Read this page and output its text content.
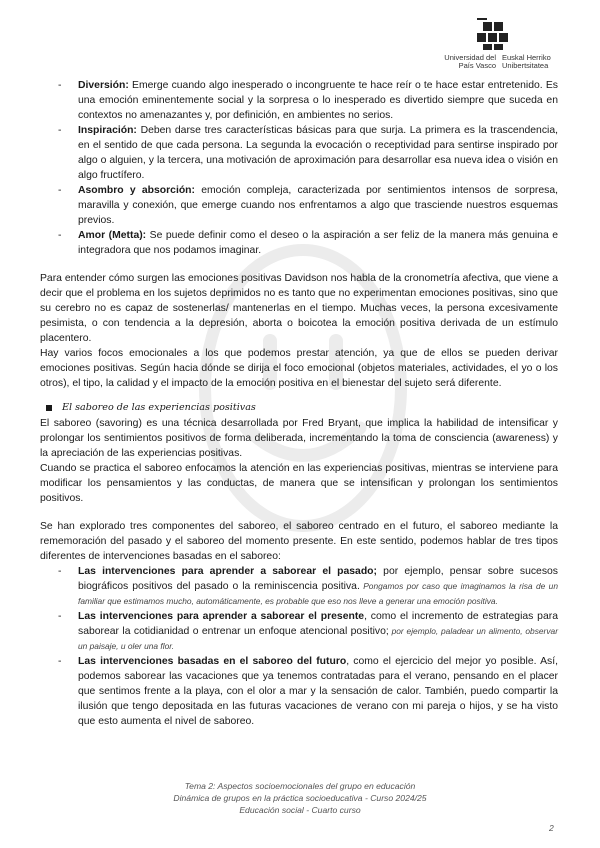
Universidad del País Vasco
Euskal Herriko Unibertsitatea
- Diversión: Emerge cuando algo inesperado o incongruente te hace reír o te hace estar entretenido. Es una emoción eminentemente social y la sorpresa o lo inesperado es divertido siempre que suceda en contextos no amenazantes y, por definición, en ambientes no serios.
- Inspiración: Deben darse tres características básicas para que surja. La primera es la trascendencia, en el sentido de que cada persona. La segunda la evocación o receptividad para sentirse inspirado por algo o alguien, y la tercera, una motivación de aproximación para desarrollar esa nueva idea o visión en algo fructífero.
- Asombro y absorción: emoción compleja, caracterizada por sentimientos intensos de sorpresa, maravilla y conexión, que emerge cuando nos enfrentamos a algo que trasciende nuestros esquemas previos.
- Amor (Metta): Se puede definir como el deseo o la aspiración a ser feliz de la manera más genuina e integradora que nos podamos imaginar.

Para entender cómo surgen las emociones positivas Davidson nos habla de la cronometría afectiva, que viene a decir que el problema en los sujetos deprimidos no es tanto que no experimentan emociones positivas, sino que su cerebro no es capaz de sostenerlas/ mantenerlas en el tiempo. Muchas veces, la persona excesivamente pesimista, o con tendencia a la depresión, aborta o boicotea la emoción positiva derivada de un estímulo placentero.

Hay varios focos emocionales a los que podemos prestar atención, ya que de ellos se pueden derivar emociones positivas. Según hacia dónde se dirija el foco emocional (objetos materiales, actividades, el yo o los otros), el tipo, la calidad y el impacto de la emoción positiva en el bienestar del sujeto será diferente.

El saboreo de las experiencias positivas

El saboreo (savoring) es una técnica desarrollada por Fred Bryant, que implica la habilidad de intensificar y prolongar los sentimientos positivos de forma deliberada, incrementando la toma de consciencia (awareness) y la apreciación de las experiencias positivas.

Cuando se practica el saboreo enfocamos la atención en las experiencias positivas, mientras se interviene para modificar los pensamientos y las conductas, de manera que se intensifican y prolongan los sentimientos positivos.

Se han explorado tres componentes del saboreo, el saboreo centrado en el futuro, el saboreo mediante la rememoración del pasado y el saboreo del momento presente. En este sentido, podemos hablar de tres tipos diferentes de intervenciones basadas en el saboreo:

- Las intervenciones para aprender a saborear el pasado; por ejemplo, pensar sobre sucesos biográficos positivos del pasado o la reminiscencia positiva. Pongamos por caso que imaginamos la risa de un familiar que estimamos mucho, automáticamente, es probable que eso nos lleve a generar una emoción positiva.
- Las intervenciones para aprender a saborear el presente, como el incremento de estrategias para saborear la cotidianidad o entrenar un enfoque atencional positivo; por ejemplo, paladear un alimento, observar un paisaje, u oler una flor.
- Las intervenciones basadas en el saboreo del futuro, como el ejercicio del mejor yo posible. Así, podemos saborear las vacaciones que ya tenemos contratadas para el verano, pensando en el placer que sentimos frente a la playa, con el olor a mar y la sensación de calor. También, puedo compartir la ilusión que tengo depositada en las futuras vacaciones de verano con mi pareja o hijos, y se ha visto que esto aumenta el nivel de saboreo.
Tema 2: Aspectos socioemocionales del grupo en educación
Dinámica de grupos en la práctica socioeducativa - Curso 2024/25
Educación social - Cuarto curso
2
